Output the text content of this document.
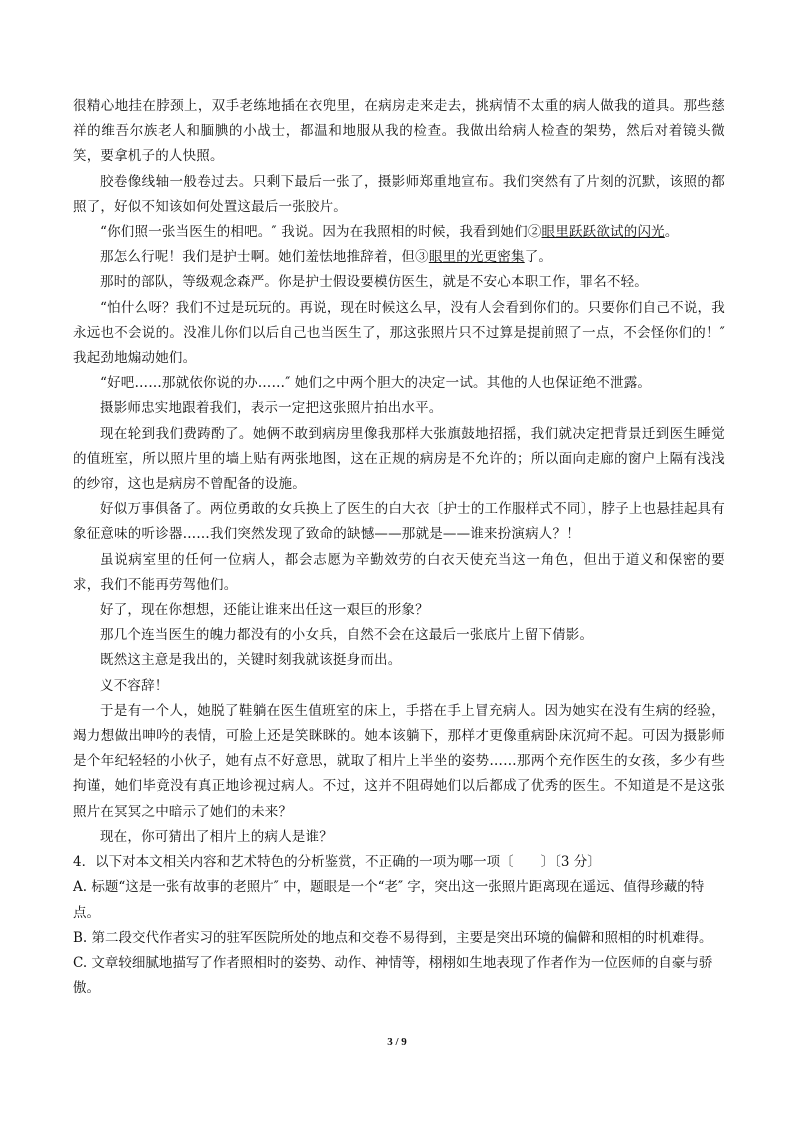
很精心地挂在脖颈上，双手老练地插在衣兜里，在病房走来走去，挑病情不太重的病人做我的道具。那些慈祥的维吾尔族老人和腼腆的小战士，都温和地服从我的检查。我做出给病人检查的架势，然后对着镜头微笑，要拿机子的人快照。

胶卷像线轴一般卷过去。只剩下最后一张了，摄影师郑重地宣布。我们突然有了片刻的沉默，该照的都照了，好似不知该如何处置这最后一张胶片。

“你们照一张当医生的相吧。″ 我说。因为在我照相的时候，我看到她们②眼里跃跃欲试的闪光。

那怎么行呢！我们是护士啊。她们羞怯地推辞着，但③眼里的光更密集了。

那时的部队，等级观念森严。你是护士假设要模仿医生，就是不安心本职工作，罪名不轻。

“怕什么呀？我们不过是玩玩的。再说，现在时候这么早，没有人会看到你们的。只要你们自己不说，我永远也不会说的。没准儿你们以后自己也当医生了，那这张照片只不过算是提前照了一点，不会怪你们的！″ 我起劲地煽动她们。

“好吧……那就依你说的办……″ 她们之中两个胆大的决定一试。其他的人也保证绝不泄露。

摄影师忠实地跟着我们，表示一定把这张照片拍出水平。

现在轮到我们费踌酌了。她俩不敢到病房里像我那样大张旗鼓地招摇，我们就决定把背景迁到医生睡觉的值班室，所以照片里的墙上贴有两张地图，这在正规的病房是不允许的；所以面向走廊的窗户上隔有浅浅的纱帘，这也是病房不曾配备的设施。

好似万事俱备了。两位勇敢的女兵换上了医生的白大衣〔护士的工作服样式不同〕，脖子上也悬挂起具有象征意味的听诊器……我们突然发现了致命的缺憾——那就是——谁来扮演病人？！

虽说病室里的任何一位病人，都会志愿为辛勤效劳的白衣天使充当这一角色，但出于道义和保密的要求，我们不能再劳驾他们。

好了，现在你想想，还能让谁来出任这一艰巨的形象？

那几个连当医生的魄力都没有的小女兵，自然不会在这最后一张底片上留下倩影。

既然这主意是我出的，关键时刻我就该挺身而出。

义不容辞！

于是有一个人，她脱了鞋躺在医生值班室的床上，手搭在手上冒充病人。因为她实在没有生病的经验，竭力想做出呻吟的表情，可脸上还是笑眯眯的。她本该躺下，那样才更像重病卧床沉疴不起。可因为摄影师是个年纪轻轻的小伙子，她有点不好意思，就取了相片上半坐的姿势……那两个充作医生的女孩，多少有些拘谨，她们毕竟没有真正地诊视过病人。不过，这并不阻碍她们以后都成了优秀的医生。不知道是不是这张照片在冥冥之中暗示了她们的未来？

现在，你可猜出了相片上的病人是谁？

4．以下对本文相关内容和艺术特色的分析鉴赏，不正确的一项为哪一项〔　　〕〔3 分〕

A. 标题“这是一张有故事的老照片″ 中，题眼是一个“老″ 字，突出这一张照片距离现在遥远、值得珍藏的特点。

B. 第二段交代作者实习的驻军医院所处的地点和交卷不易得到，主要是突出环境的偏僻和照相的时机难得。

C. 文章较细腻地描写了作者照相时的姿势、动作、神情等，栩栩如生地表现了作者作为一位医师的自豪与骄傲。

3 / 9
